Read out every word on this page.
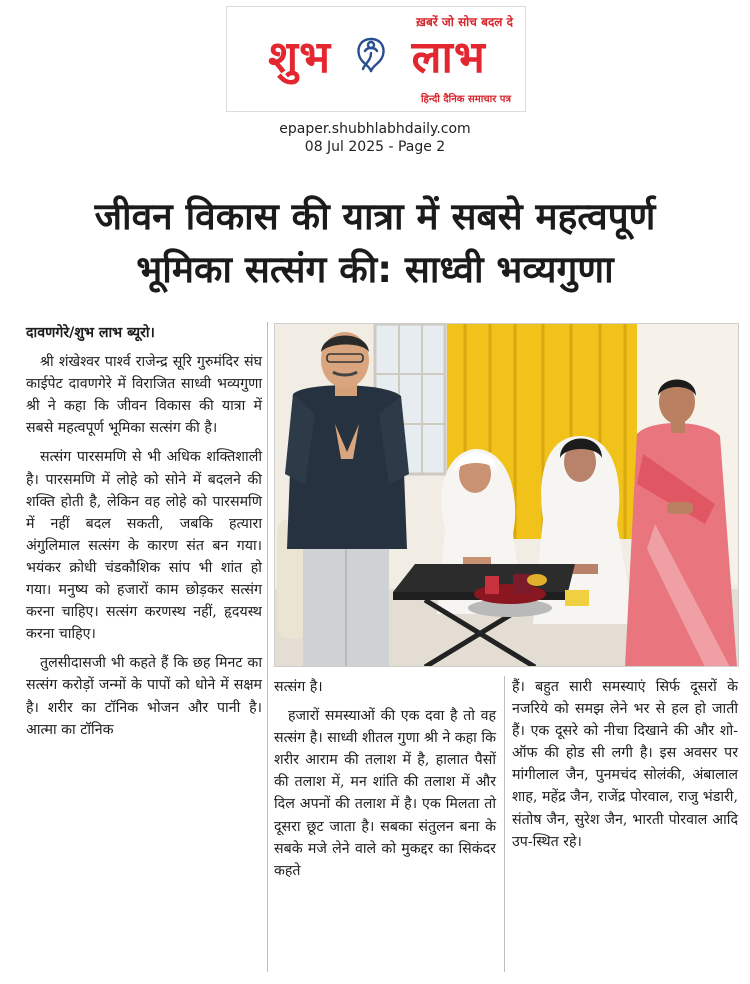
ख़बरें जो सोच बदल दे
शुभ लाभ
हिन्दी दैनिक समाचार पत्र
epaper.shubhlabhdaily.com
08 Jul 2025 - Page 2
जीवन विकास की यात्रा में सबसे महत्वपूर्ण
भूमिका सत्संग की: साध्वी भव्यगुणा

दावणगेरे/शुभ लाभ ब्यूरो।

श्री शंखेश्वर पार्श्व राजेन्द्र सूरि गुरुमंदिर संघ काईपेट दावणगेरे में विराजित साध्वी भव्यगुणा श्री ने कहा कि जीवन विकास की यात्रा में सबसे महत्वपूर्ण भूमिका सत्संग की है।

सत्संग पारसमणि से भी अधिक शक्तिशाली है। पारसमणि में लोहे को सोने में बदलने की शक्ति होती है, लेकिन वह लोहे को पारसमणि में नहीं बदल सकती, जबकि हत्यारा अंगुलिमाल सत्संग के कारण संत बन गया। भयंकर क्रोधी चंडकौशिक सांप भी शांत हो गया। मनुष्य को हजारों काम छोड़कर सत्संग करना चाहिए। सत्संग करणस्थ नहीं, हृदयस्थ करना चाहिए।

तुलसीदासजी भी कहते हैं कि छह मिनट का सत्संग करोड़ों जन्मों के पापों को धोने में सक्षम है। शरीर का टॉनिक भोजन और पानी है। आत्मा का टॉनिक

सत्संग है।

हजारों समस्याओं की एक दवा है तो वह सत्संग है। साध्वी शीतल गुणा श्री ने कहा कि शरीर आराम की तलाश में है, हालात पैसों की तलाश में, मन शांति की तलाश में और दिल अपनों की तलाश में है। एक मिलता तो दूसरा छूट जाता है। सबका संतुलन बना के सबके मजे लेने वाले को मुकद्दर का सिकंदर कहते

हैं। बहुत सारी समस्याएं सिर्फ दूसरों के नजरिये को समझ लेने भर से हल हो जाती हैं। एक दूसरे को नीचा दिखाने की और शो-ऑफ की होड सी लगी है। इस अवसर पर मांगीलाल जैन, पुनमचंद सोलंकी, अंबालाल शाह, महेंद्र जैन, राजेंद्र पोरवाल, राजु भंडारी, संतोष जैन, सुरेश जैन, भारती पोरवाल आदि उप-स्थित रहे।
